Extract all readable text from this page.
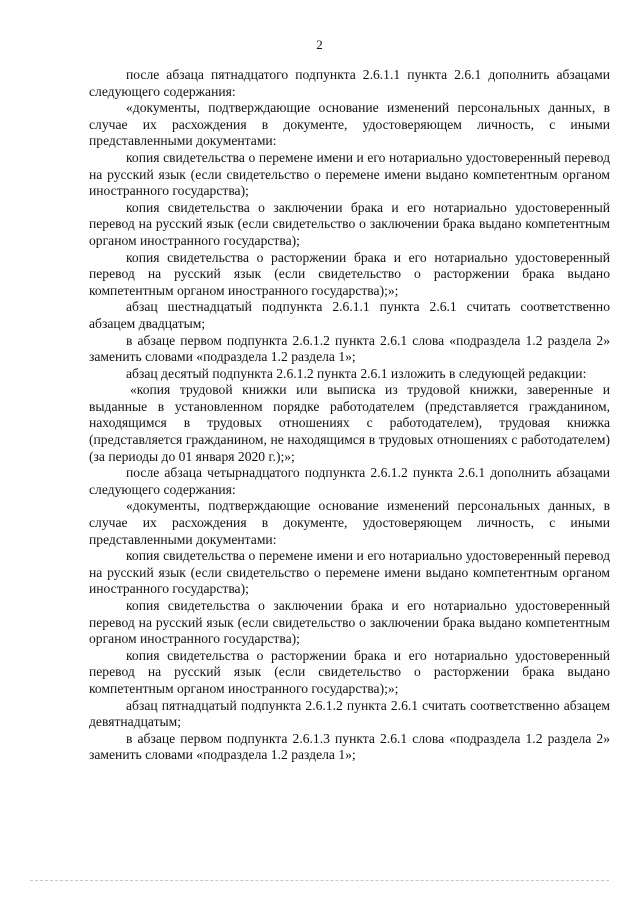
2

после абзаца пятнадцатого подпункта 2.6.1.1 пункта 2.6.1 дополнить абзацами следующего содержания:

«документы, подтверждающие основание изменений персональных данных, в случае их расхождения в документе, удостоверяющем личность, с иными представленными документами:

копия свидетельства о перемене имени и его нотариально удостоверенный перевод на русский язык (если свидетельство о перемене имени выдано компетентным органом иностранного государства);

копия свидетельства о заключении брака и его нотариально удостоверенный перевод на русский язык (если свидетельство о заключении брака выдано компетентным органом иностранного государства);

копия свидетельства о расторжении брака и его нотариально удостоверенный перевод на русский язык (если свидетельство о расторжении брака выдано компетентным органом иностранного государства);»;

абзац шестнадцатый подпункта 2.6.1.1 пункта 2.6.1 считать соответственно абзацем двадцатым;

в абзаце первом подпункта 2.6.1.2 пункта 2.6.1 слова «подраздела 1.2 раздела 2» заменить словами «подраздела 1.2 раздела 1»;

абзац десятый подпункта 2.6.1.2 пункта 2.6.1 изложить в следующей редакции:

«копия трудовой книжки или выписка из трудовой книжки, заверенные и выданные в установленном порядке работодателем (представляется гражданином, находящимся в трудовых отношениях с работодателем), трудовая книжка (представляется гражданином, не находящимся в трудовых отношениях с работодателем) (за периоды до 01 января 2020 г.);»;

после абзаца четырнадцатого подпункта 2.6.1.2 пункта 2.6.1 дополнить абзацами следующего содержания:

«документы, подтверждающие основание изменений персональных данных, в случае их расхождения в документе, удостоверяющем личность, с иными представленными документами:

копия свидетельства о перемене имени и его нотариально удостоверенный перевод на русский язык (если свидетельство о перемене имени выдано компетентным органом иностранного государства);

копия свидетельства о заключении брака и его нотариально удостоверенный перевод на русский язык (если свидетельство о заключении брака выдано компетентным органом иностранного государства);

копия свидетельства о расторжении брака и его нотариально удостоверенный перевод на русский язык (если свидетельство о расторжении брака выдано компетентным органом иностранного государства);»;

абзац пятнадцатый подпункта 2.6.1.2 пункта 2.6.1 считать соответственно абзацем девятнадцатым;

в абзаце первом подпункта 2.6.1.3 пункта 2.6.1 слова «подраздела 1.2 раздела 2» заменить словами «подраздела 1.2 раздела 1»;
